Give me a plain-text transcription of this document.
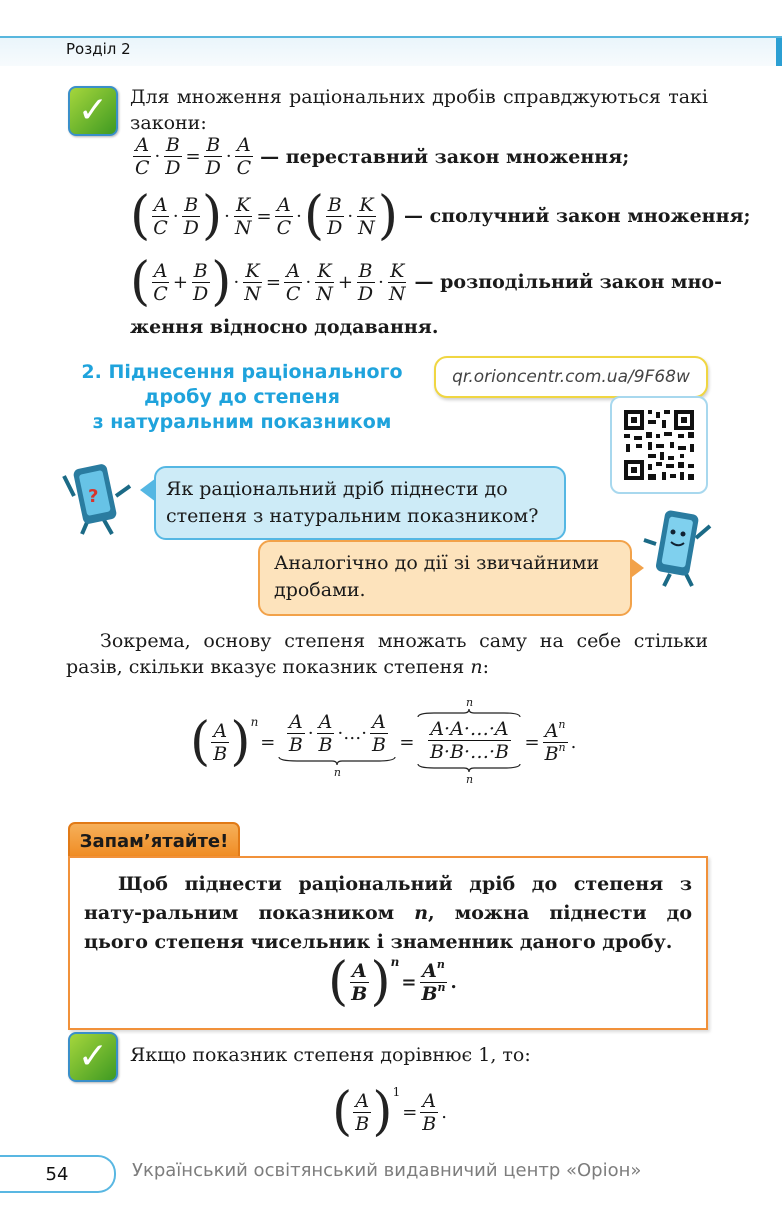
Розділ 2
✓ Для множення раціональних дробів справджуються такі закони:
$\frac{A}{C} \cdot \frac{B}{D} = \frac{B}{D} \cdot \frac{A}{C}$ — переставний закон множення;
( $\frac{A}{C} \cdot \frac{B}{D}$ ) · $\frac{K}{N} = \frac{A}{C}$ · ( $\frac{B}{D} \cdot \frac{K}{N}$ ) — сполучний закон множення;
( $\frac{A}{C} + \frac{B}{D}$ ) · $\frac{K}{N} = \frac{A}{C} \cdot \frac{K}{N} + \frac{B}{D} \cdot \frac{K}{N}$ — розподільний закон мно-
ження відносно додавання.
2. Піднесення раціонального
дробу до степеня
з натуральним показником
qr.orioncentr.com.ua/9F68w
?	Як раціональний дріб піднести до степеня з натуральним показником?
Аналогічно до дії зі звичайними дробами.
Зокрема, основу степеня множать саму на себе стільки разів, скільки вказує показник степеня n:
( $\frac{A}{B}$ ) n
= $\frac{A}{B} \cdot \frac{A}{B}$ ·…· $\frac{A}{B}$
n
=
n
A·A·…·A
B·B·…·B
n
= $\frac{A^n}{B^n}$ .
Запам’ятайте!
Щоб піднести раціональний дріб до степеня з нату-ральним показником n, можна піднести до цього степеня чисельник і знаменник даного дробу.
( $\frac{A}{B}$ ) n
= $\frac{A^n}{B^n}$ .
✓ Якщо показник степеня дорівнює 1, то:
( $\frac{A}{B}$ ) 1
= $\frac{A}{B}$ .
54	Український освітянський видавничий центр «Оріон»
